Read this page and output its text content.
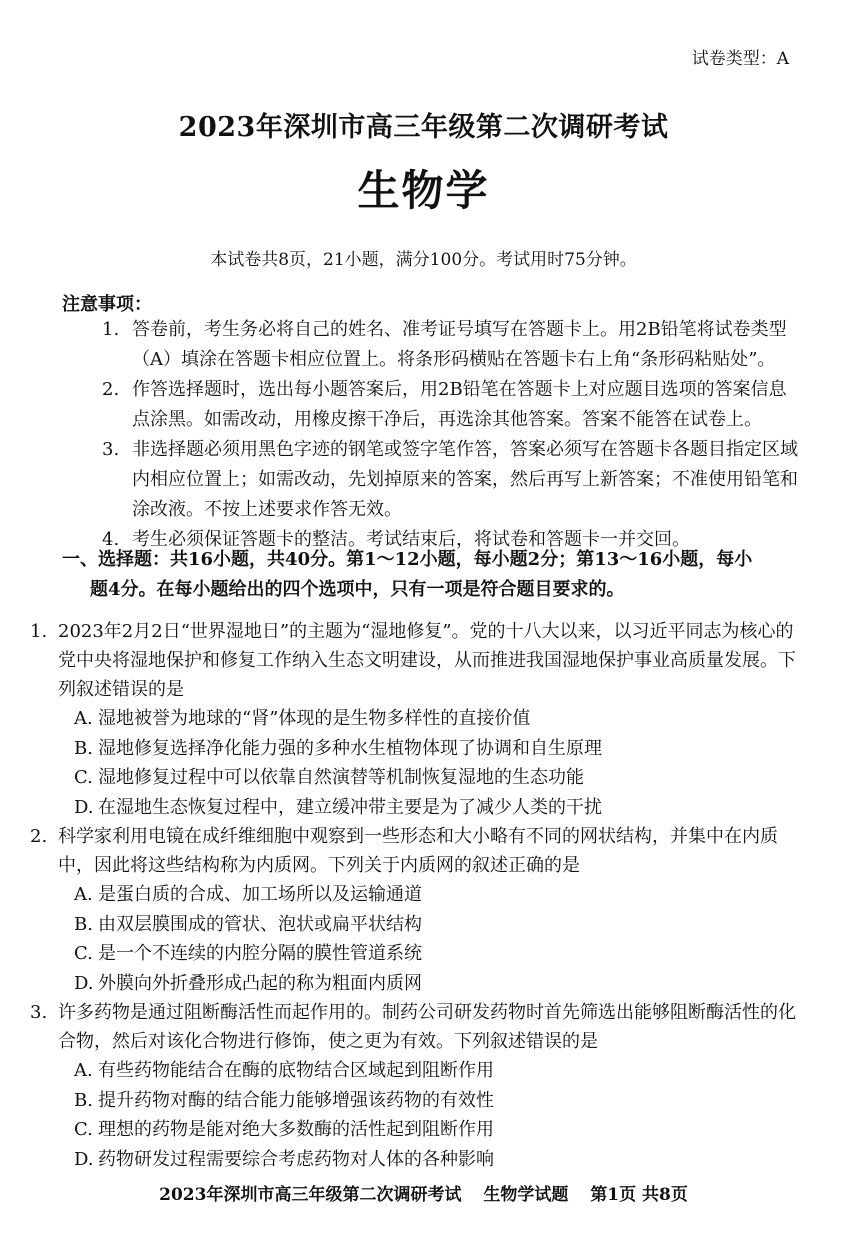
试卷类型：A
2023年深圳市高三年级第二次调研考试
生物学
本试卷共8页，21小题，满分100分。考试用时75分钟。
注意事项：
1. 答卷前，考生务必将自己的姓名、准考证号填写在答题卡上。用2B铅笔将试卷类型（A）填涂在答题卡相应位置上。将条形码横贴在答题卡右上角“条形码粘贴处”。
2. 作答选择题时，选出每小题答案后，用2B铅笔在答题卡上对应题目选项的答案信息点涂黑。如需改动，用橡皮擦干净后，再选涂其他答案。答案不能答在试卷上。
3. 非选择题必须用黑色字迹的钢笔或签字笔作答，答案必须写在答题卡各题目指定区域内相应位置上；如需改动，先划掉原来的答案，然后再写上新答案；不准使用铅笔和涂改液。不按上述要求作答无效。
4. 考生必须保证答题卡的整洁。考试结束后，将试卷和答题卡一并交回。
一、选择题：共16小题，共40分。第1～12小题，每小题2分；第13～16小题，每小
题4分。在每小题给出的四个选项中，只有一项是符合题目要求的。
1. 2023年2月2日“世界湿地日”的主题为“湿地修复”。党的十八大以来，以习近平同志为核心的党中央将湿地保护和修复工作纳入生态文明建设，从而推进我国湿地保护事业高质量发展。下列叙述错误的是
A. 湿地被誉为地球的“肾”体现的是生物多样性的直接价值
B. 湿地修复选择净化能力强的多种水生植物体现了协调和自生原理
C. 湿地修复过程中可以依靠自然演替等机制恢复湿地的生态功能
D. 在湿地生态恢复过程中，建立缓冲带主要是为了减少人类的干扰
2. 科学家利用电镜在成纤维细胞中观察到一些形态和大小略有不同的网状结构，并集中在内质中，因此将这些结构称为内质网。下列关于内质网的叙述正确的是
A. 是蛋白质的合成、加工场所以及运输通道
B. 由双层膜围成的管状、泡状或扁平状结构
C. 是一个不连续的内腔分隔的膜性管道系统
D. 外膜向外折叠形成凸起的称为粗面内质网
3. 许多药物是通过阻断酶活性而起作用的。制药公司研发药物时首先筛选出能够阻断酶活性的化合物，然后对该化合物进行修饰，使之更为有效。下列叙述错误的是
A. 有些药物能结合在酶的底物结合区域起到阻断作用
B. 提升药物对酶的结合能力能够增强该药物的有效性
C. 理想的药物是能对绝大多数酶的活性起到阻断作用
D. 药物研发过程需要综合考虑药物对人体的各种影响
2023年深圳市高三年级第二次调研考试 生物学试题 第1页 共8页
